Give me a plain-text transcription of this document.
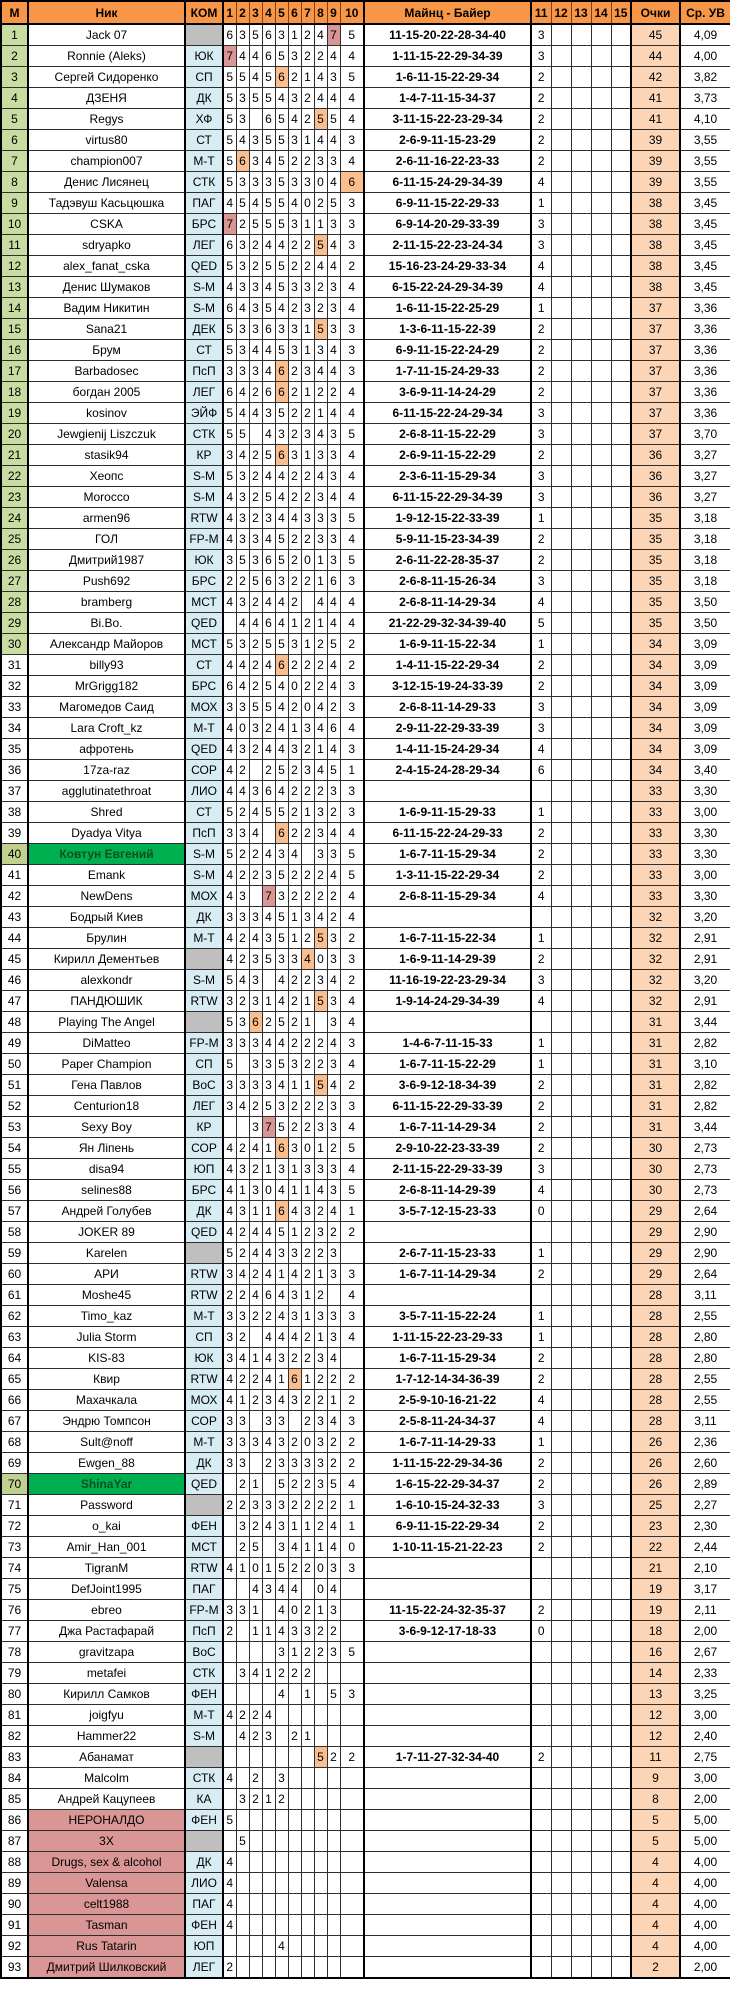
М	Ник	КОМ	1	2	3	4	5	6	7	8	9	10	Майнц - Байер	11	12	13	14	15	Очки	Ср. УВ
1	Jack 07		6	3	5	6	3	1	2	4	7	5	11-15-20-22-28-34-40	3					45	4,09
2	Ronnie (Aleks)	ЮК	7	4	4	6	5	3	2	2	4	4	1-11-15-22-29-34-39	3					44	4,00
3	Сергей Сидоренко	СП	5	5	4	5	6	2	1	4	3	5	1-6-11-15-22-29-34	2					42	3,82
4	ДЗЕНЯ	ДК	5	3	5	5	4	3	2	4	4	4	1-4-7-11-15-34-37	2					41	3,73
5	Regys	ХФ	5	3		6	5	4	2	5	5	4	3-11-15-22-23-29-34	2					41	4,10
6	virtus80	СТ	5	4	3	5	5	3	1	4	4	3	2-6-9-11-15-23-29	2					39	3,55
7	champion007	М-Т	5	6	3	4	5	2	2	3	3	4	2-6-11-16-22-23-33	2					39	3,55
8	Денис Лисянец	СТК	5	3	3	3	5	3	3	0	4	6	6-11-15-24-29-34-39	4					39	3,55
9	Тадэвуш Касьцюшка	ПАГ	4	5	4	5	5	4	0	2	5	3	6-9-11-15-22-29-33	1					38	3,45
10	CSKA	БРС	7	2	5	5	5	3	1	1	3	3	6-9-14-20-29-33-39	3					38	3,45
11	sdryapko	ЛЕГ	6	3	2	4	4	2	2	5	4	3	2-11-15-22-23-24-34	3					38	3,45
12	alex_fanat_cska	QED	5	3	2	5	5	2	2	4	4	2	15-16-23-24-29-33-34	4					38	3,45
13	Денис Шумаков	S-M	4	3	3	4	5	3	3	2	3	4	6-15-22-24-29-34-39	4					38	3,45
14	Вадим Никитин	S-M	6	4	3	5	4	2	3	2	3	4	1-6-11-15-22-25-29	1					37	3,36
15	Sana21	ДЕК	5	3	3	6	3	3	1	5	3	3	1-3-6-11-15-22-39	2					37	3,36
16	Брум	СТ	5	3	4	4	5	3	1	3	4	3	6-9-11-15-22-24-29	2					37	3,36
17	Barbadosec	ПсП	3	3	3	4	6	2	3	4	4	3	1-7-11-15-24-29-33	2					37	3,36
18	богдан 2005	ЛЕГ	6	4	2	6	6	2	1	2	2	4	3-6-9-11-14-24-29	2					37	3,36
19	kosinov	ЭЙФ	5	4	4	3	5	2	2	1	4	4	6-11-15-22-24-29-34	3					37	3,36
20	Jewgienij Liszczuk	СТК	5	5		4	3	2	3	4	3	5	2-6-8-11-15-22-29	3					37	3,70
21	stasik94	КР	3	4	2	5	6	3	1	3	3	4	2-6-9-11-15-22-29	2					36	3,27
22	Хеопс	S-M	5	3	2	4	4	2	2	4	3	4	2-3-6-11-15-29-34	3					36	3,27
23	Morocco	S-M	4	3	2	5	4	2	2	3	4	4	6-11-15-22-29-34-39	3					36	3,27
24	armen96	RTW	4	3	2	3	4	4	3	3	3	5	1-9-12-15-22-33-39	1					35	3,18
25	ГОЛ	FP-M	4	3	3	4	5	2	2	3	3	4	5-9-11-15-23-34-39	2					35	3,18
26	Дмитрий1987	ЮК	3	5	3	6	5	2	0	1	3	5	2-6-11-22-28-35-37	2					35	3,18
27	Push692	БРС	2	2	5	6	3	2	2	1	6	3	2-6-8-11-15-26-34	3					35	3,18
28	bramberg	МСТ	4	3	2	4	4	2		4	4	4	2-6-8-11-14-29-34	4					35	3,50
29	Bi.Bo.	QED		4	4	6	4	1	2	1	4	4	21-22-29-32-34-39-40	5					35	3,50
30	Александр Майоров	МСТ	5	3	2	5	5	3	1	2	5	2	1-6-9-11-15-22-34	1					34	3,09
31	billy93	СТ	4	4	2	4	6	2	2	2	4	2	1-4-11-15-22-29-34	2					34	3,09
32	MrGrigg182	БРС	6	4	2	5	4	0	2	2	4	3	3-12-15-19-24-33-39	2					34	3,09
33	Магомедов Саид	МОХ	3	3	5	5	4	2	0	4	2	3	2-6-8-11-14-29-33	3					34	3,09
34	Lara Croft_kz	М-Т	4	0	3	2	4	1	3	4	6	4	2-9-11-22-29-33-39	3					34	3,09
35	афротень	QED	4	3	2	4	4	3	2	1	4	3	1-4-11-15-24-29-34	4					34	3,09
36	17za-raz	СОР	4	2		2	5	2	3	4	5	1	2-4-15-24-28-29-34	6					34	3,40
37	agglutinatethroat	ЛИО	4	4	3	6	4	2	2	2	3	3							33	3,30
38	Shred	СТ	5	2	4	5	5	2	1	3	2	3	1-6-9-11-15-29-33	1					33	3,00
39	Dyadya Vitya	ПсП	3	3	4		6	2	2	3	4	4	6-11-15-22-24-29-33	2					33	3,30
40	Ковтун Евгений	S-M	5	2	2	4	3	4		3	3	5	1-6-7-11-15-29-34	2					33	3,30
41	Emank	S-M	4	2	2	3	5	2	2	2	4	5	1-3-11-15-22-29-34	2					33	3,00
42	NewDens	МОХ	4	3		7	3	2	2	2	2	4	2-6-8-11-15-29-34	4					33	3,30
43	Бодрый Киев	ДК	3	3	3	4	5	1	3	4	2	4							32	3,20
44	Брулин	М-Т	4	2	4	3	5	1	2	5	3	2	1-6-7-11-15-22-34	1					32	2,91
45	Кирилл Дементьев		4	2	3	5	3	3	4	0	3	3	1-6-9-11-14-29-39	2					32	2,91
46	alexkondr	S-M	5	4	3		4	2	2	3	4	2	11-16-19-22-23-29-34	3					32	3,20
47	ПАНДЮШИК	RTW	3	2	3	1	4	2	1	5	3	4	1-9-14-24-29-34-39	4					32	2,91
48	Playing The Angel		5	3	6	2	5	2	1		3	4							31	3,44
49	DiMatteo	FP-M	3	3	3	4	4	2	2	2	4	3	1-4-6-7-11-15-33	1					31	2,82
50	Paper Champion	СП	5		3	3	5	3	2	2	3	4	1-6-7-11-15-22-29	1					31	3,10
51	Гена Павлов	ВоС	3	3	3	3	4	1	1	5	4	2	3-6-9-12-18-34-39	2					31	2,82
52	Centurion18	ЛЕГ	3	4	2	5	3	2	2	2	3	3	6-11-15-22-29-33-39	2					31	2,82
53	Sexy Boy	КР			3	7	5	2	2	3	3	4	1-6-7-11-14-29-34	2					31	3,44
54	Ян Ліпень	СОР	4	2	4	1	6	3	0	1	2	5	2-9-10-22-23-33-39	2					30	2,73
55	disa94	ЮП	4	3	2	1	3	1	3	3	3	4	2-11-15-22-29-33-39	3					30	2,73
56	selines88	БРС	4	1	3	0	4	1	1	4	3	5	2-6-8-11-14-29-39	4					30	2,73
57	Андрей Голубев	ДК	4	3	1	1	6	4	3	2	4	1	3-5-7-12-15-23-33	0					29	2,64
58	JOKER 89	QED	4	2	4	4	5	1	2	3	2	2							29	2,90
59	Karelen		5	2	4	4	3	3	2	2	3		2-6-7-11-15-23-33	1					29	2,90
60	АРИ	RTW	3	4	2	4	1	4	2	1	3	3	1-6-7-11-14-29-34	2					29	2,64
61	Moshe45	RTW	2	2	4	6	4	3	1	2		4							28	3,11
62	Timo_kaz	М-Т	3	3	2	2	4	3	1	3	3	3	3-5-7-11-15-22-24	1					28	2,55
63	Julia Storm	СП	3	2		4	4	4	2	1	3	4	1-11-15-22-23-29-33	1					28	2,80
64	KIS-83	ЮК	3	4	1	4	3	2	2	3	4		1-6-7-11-15-29-34	2					28	2,80
65	Квир	RTW	4	2	2	4	1	6	1	2	2	2	1-7-12-14-34-36-39	2					28	2,55
66	Махачкала	МОХ	4	1	2	3	4	3	2	2	1	2	2-5-9-10-16-21-22	4					28	2,55
67	Эндрю Томпсон	СОР	3	3		3	3		2	3	4	3	2-5-8-11-24-34-37	4					28	3,11
68	Sult@noff	М-Т	3	3	3	4	3	2	0	3	2	2	1-6-7-11-14-29-33	1					26	2,36
69	Ewgen_88	ДК	3	3		2	3	3	3	3	2	2	1-11-15-22-29-34-36	2					26	2,60
70	ShinaYar	QED		2	1		5	2	2	3	5	4	1-6-15-22-29-34-37	2					26	2,89
71	Password		2	2	3	3	3	2	2	2	2	1	1-6-10-15-24-32-33	3					25	2,27
72	o_kai	ФЕН		3	2	4	3	1	1	2	4	1	6-9-11-15-22-29-34	2					23	2,30
73	Amir_Han_001	МСТ		2	5		3	4	1	1	4	0	1-10-11-15-21-22-23	2					22	2,44
74	TigranM	RTW	4	1	0	1	5	2	2	0	3	3							21	2,10
75	DefJoint1995	ПАГ			4	3	4	4		0	4								19	3,17
76	ebreo	FP-M	3	3	1		4	0	2	1	3		11-15-22-24-32-35-37	2					19	2,11
77	Джа Растафарай	ПсП	2		1	1	4	3	3	2	2		3-6-9-12-17-18-33	0					18	2,00
78	gravitzapa	ВоС					3	1	2	2	3	5							16	2,67
79	metafei	СТК		3	4	1	2	2	2										14	2,33
80	Кирилл Самков	ФЕН					4		1		5	3							13	3,25
81	joigfyu	М-Т	4	2	2	4													12	3,00
82	Hammer22	S-M		4	2	3		2	1										12	2,40
83	Абанамат									5	2	2	1-7-11-27-32-34-40	2					11	2,75
84	Malcolm	СТК	4		2		3												9	3,00
85	Андрей Кацупеев	КА		3	2	1	2												8	2,00
86	НЕРОНАЛДО	ФЕН	5																5	5,00
87	3Х			5															5	5,00
88	Drugs, sex & alcohol	ДК	4																4	4,00
89	Valensa	ЛИО	4																4	4,00
90	celt1988	ПАГ	4																4	4,00
91	Tasman	ФЕН	4																4	4,00
92	Rus Tatarin	ЮП					4												4	4,00
93	Дмитрий Шилковский	ЛЕГ	2																2	2,00
